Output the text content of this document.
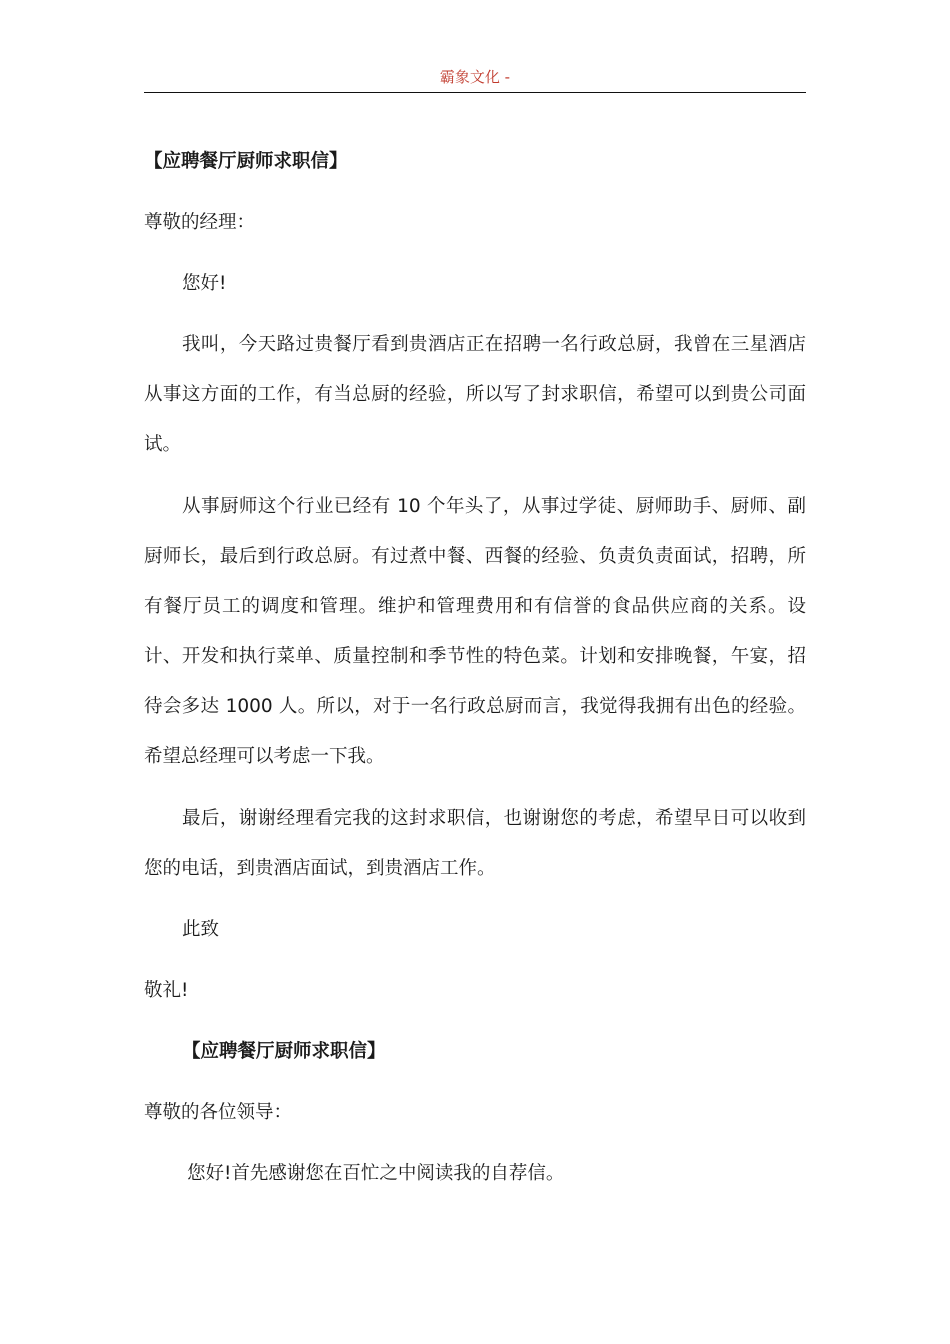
霸象文化 -

【应聘餐厅厨师求职信】

尊敬的经理：

您好!

我叫，今天路过贵餐厅看到贵酒店正在招聘一名行政总厨，我曾在三星酒店从事这方面的工作，有当总厨的经验，所以写了封求职信，希望可以到贵公司面试。

从事厨师这个行业已经有 10 个年头了，从事过学徒、厨师助手、厨师、副厨师长，最后到行政总厨。有过煮中餐、西餐的经验、负责负责面试，招聘，所有餐厅员工的调度和管理。维护和管理费用和有信誉的食品供应商的关系。设计、开发和执行菜单、质量控制和季节性的特色菜。计划和安排晚餐，午宴，招待会多达 1000 人。所以，对于一名行政总厨而言，我觉得我拥有出色的经验。希望总经理可以考虑一下我。

最后，谢谢经理看完我的这封求职信，也谢谢您的考虑，希望早日可以收到您的电话，到贵酒店面试，到贵酒店工作。

此致

敬礼!

【应聘餐厅厨师求职信】

尊敬的各位领导：

您好!首先感谢您在百忙之中阅读我的自荐信。
